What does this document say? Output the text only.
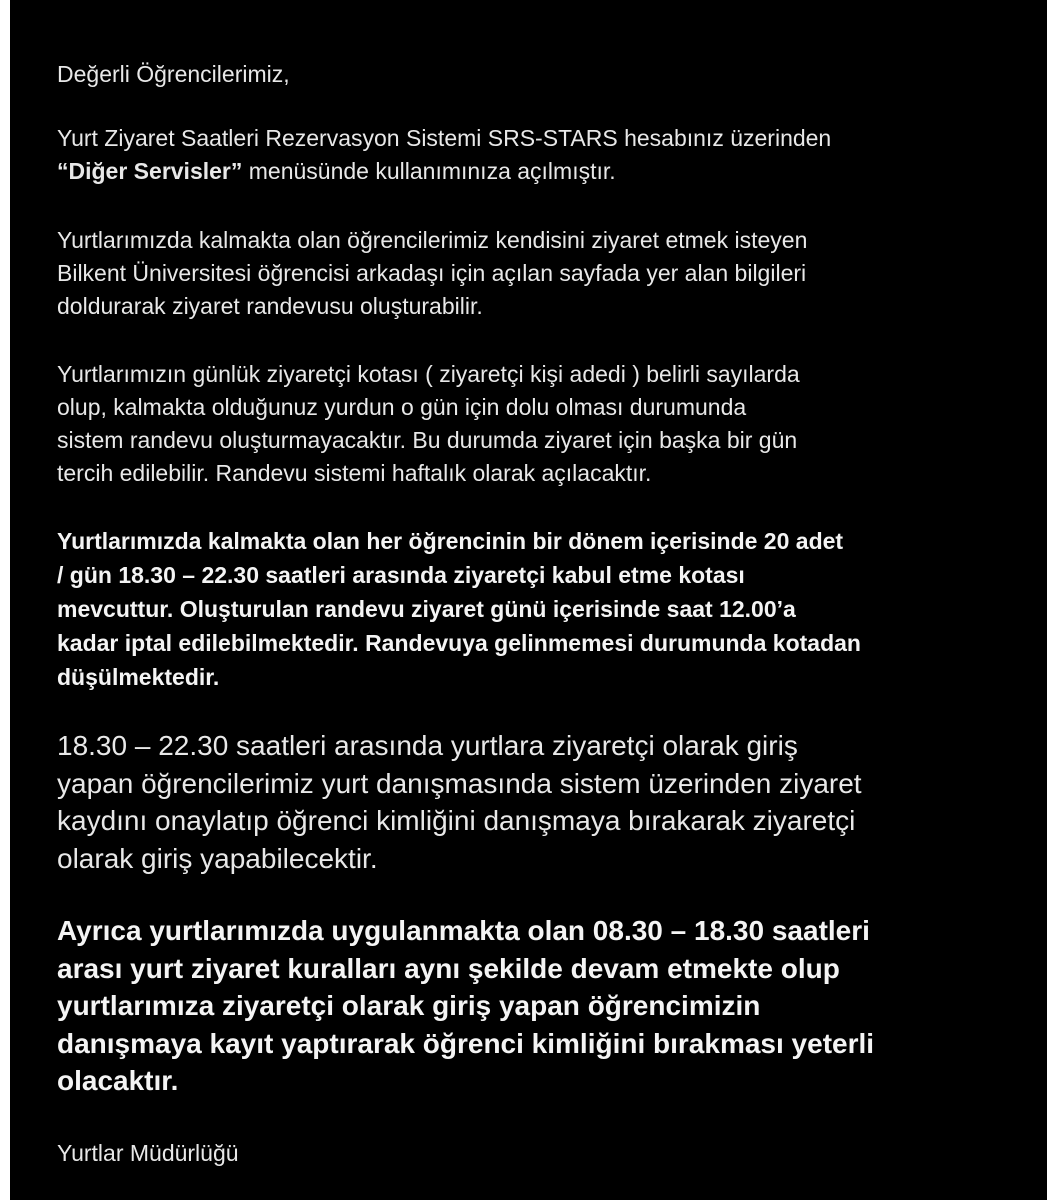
Değerli Öğrencilerimiz,

Yurt Ziyaret Saatleri Rezervasyon Sistemi SRS-STARS hesabınız üzerinden
“Diğer Servisler” menüsünde kullanımınıza açılmıştır.

Yurtlarımızda kalmakta olan öğrencilerimiz kendisini ziyaret etmek isteyen
Bilkent Üniversitesi öğrencisi arkadaşı için açılan sayfada yer alan bilgileri
doldurarak ziyaret randevusu oluşturabilir.

Yurtlarımızın günlük ziyaretçi kotası ( ziyaretçi kişi adedi ) belirli sayılarda
olup, kalmakta olduğunuz yurdun o gün için dolu olması durumunda
sistem randevu oluşturmayacaktır. Bu durumda ziyaret için başka bir gün
tercih edilebilir. Randevu sistemi haftalık olarak açılacaktır.

Yurtlarımızda kalmakta olan her öğrencinin bir dönem içerisinde 20 adet
/ gün 18.30 – 22.30 saatleri arasında ziyaretçi kabul etme kotası
mevcuttur. Oluşturulan randevu ziyaret günü içerisinde saat 12.00’a
kadar iptal edilebilmektedir. Randevuya gelinmemesi durumunda kotadan
düşülmektedir.

18.30 – 22.30 saatleri arasında yurtlara ziyaretçi olarak giriş
yapan öğrencilerimiz yurt danışmasında sistem üzerinden ziyaret
kaydını onaylatıp öğrenci kimliğini danışmaya bırakarak ziyaretçi
olarak giriş yapabilecektir.

Ayrıca yurtlarımızda uygulanmakta olan 08.30 – 18.30 saatleri
arası yurt ziyaret kuralları aynı şekilde devam etmekte olup
yurtlarımıza ziyaretçi olarak giriş yapan öğrencimizin
danışmaya kayıt yaptırarak öğrenci kimliğini bırakması yeterli
olacaktır.

Yurtlar Müdürlüğü
